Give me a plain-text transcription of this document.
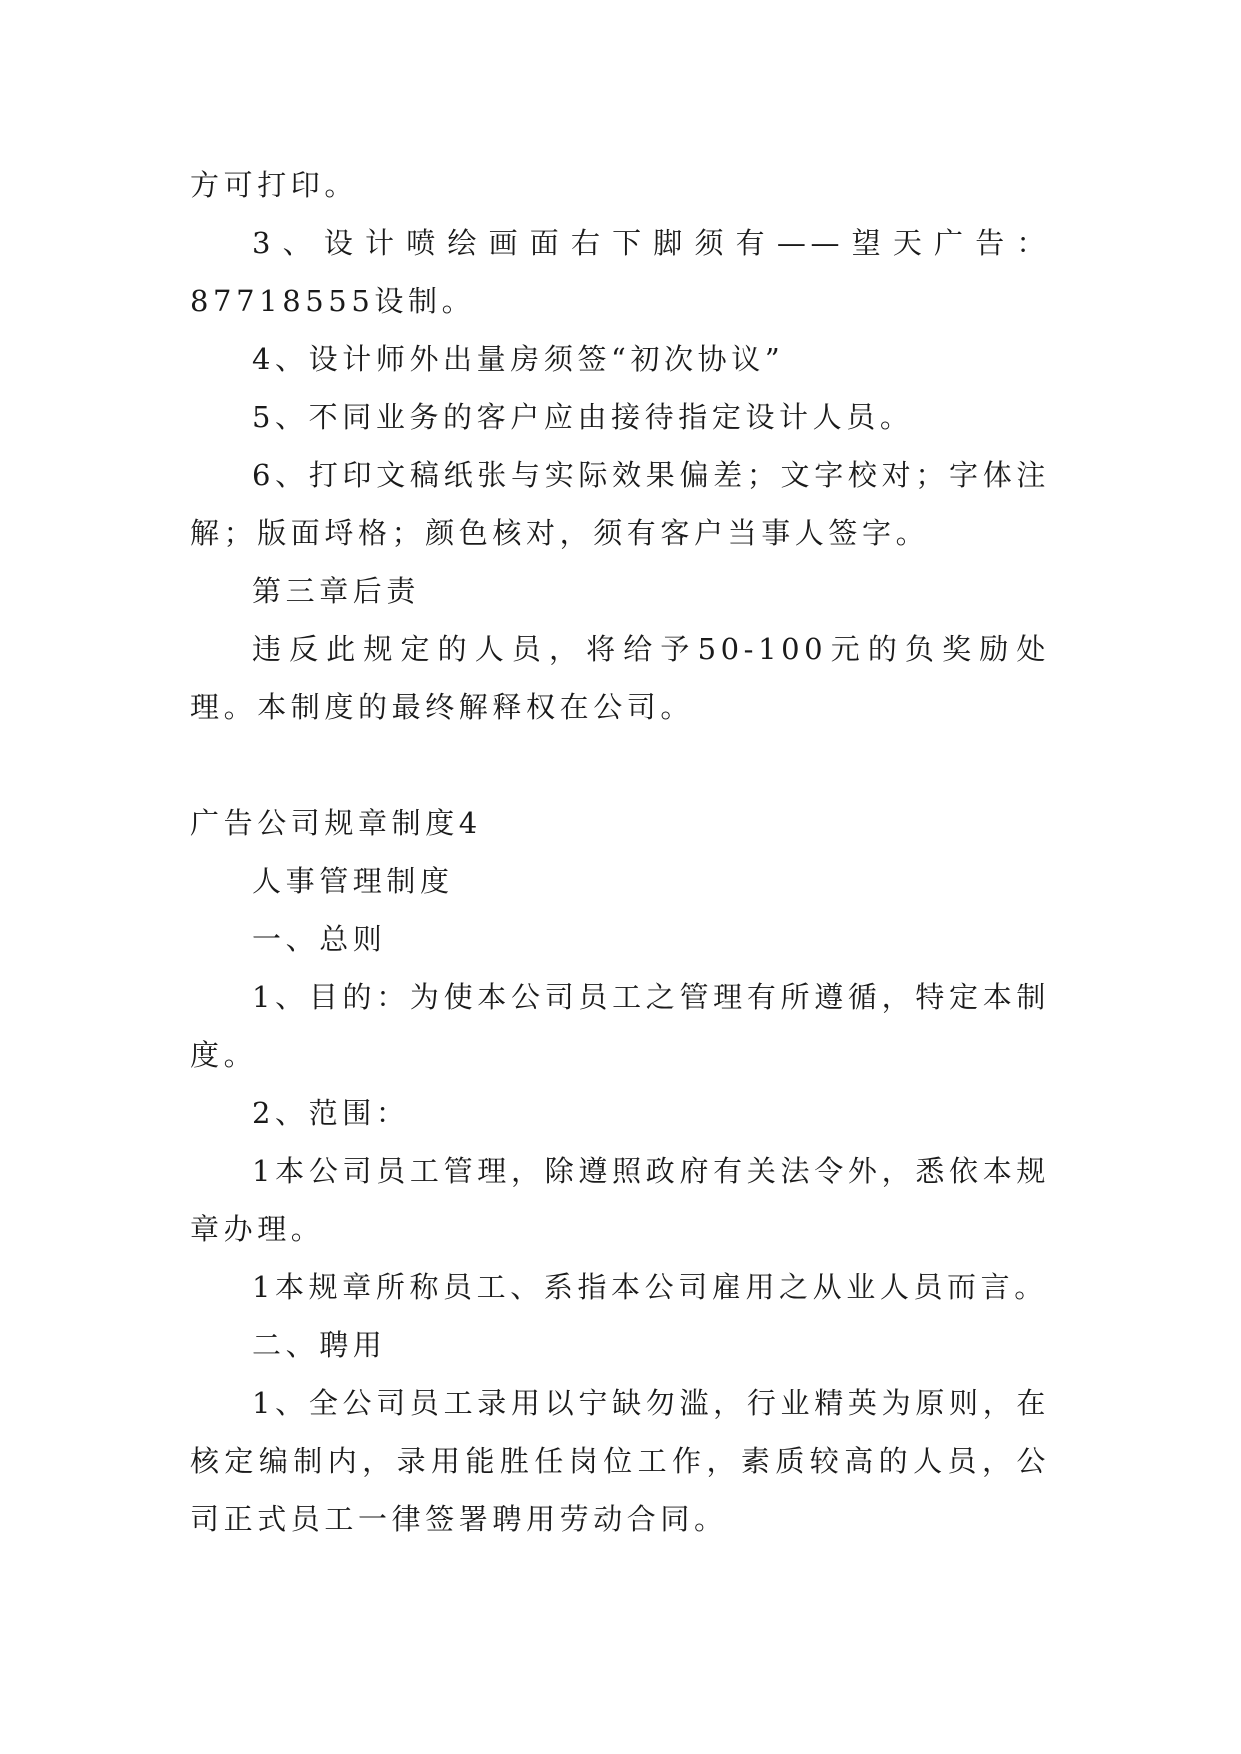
方可打印。

3、设计喷绘画面右下脚须有——望天广告：87718555设制。

4、设计师外出量房须签“初次协议”

5、不同业务的客户应由接待指定设计人员。

6、打印文稿纸张与实际效果偏差；文字校对；字体注解；版面埒格；颜色核对，须有客户当事人签字。

第三章后责

违反此规定的人员，将给予50-100元的负奖励处理。本制度的最终解释权在公司。

广告公司规章制度4

人事管理制度

一、总则

1、目的：为使本公司员工之管理有所遵循，特定本制度。

2、范围：

1本公司员工管理，除遵照政府有关法令外，悉依本规章办理。

1本规章所称员工、系指本公司雇用之从业人员而言。

二、聘用

1、全公司员工录用以宁缺勿滥，行业精英为原则，在核定编制内，录用能胜任岗位工作，素质较高的人员，公司正式员工一律签署聘用劳动合同。
